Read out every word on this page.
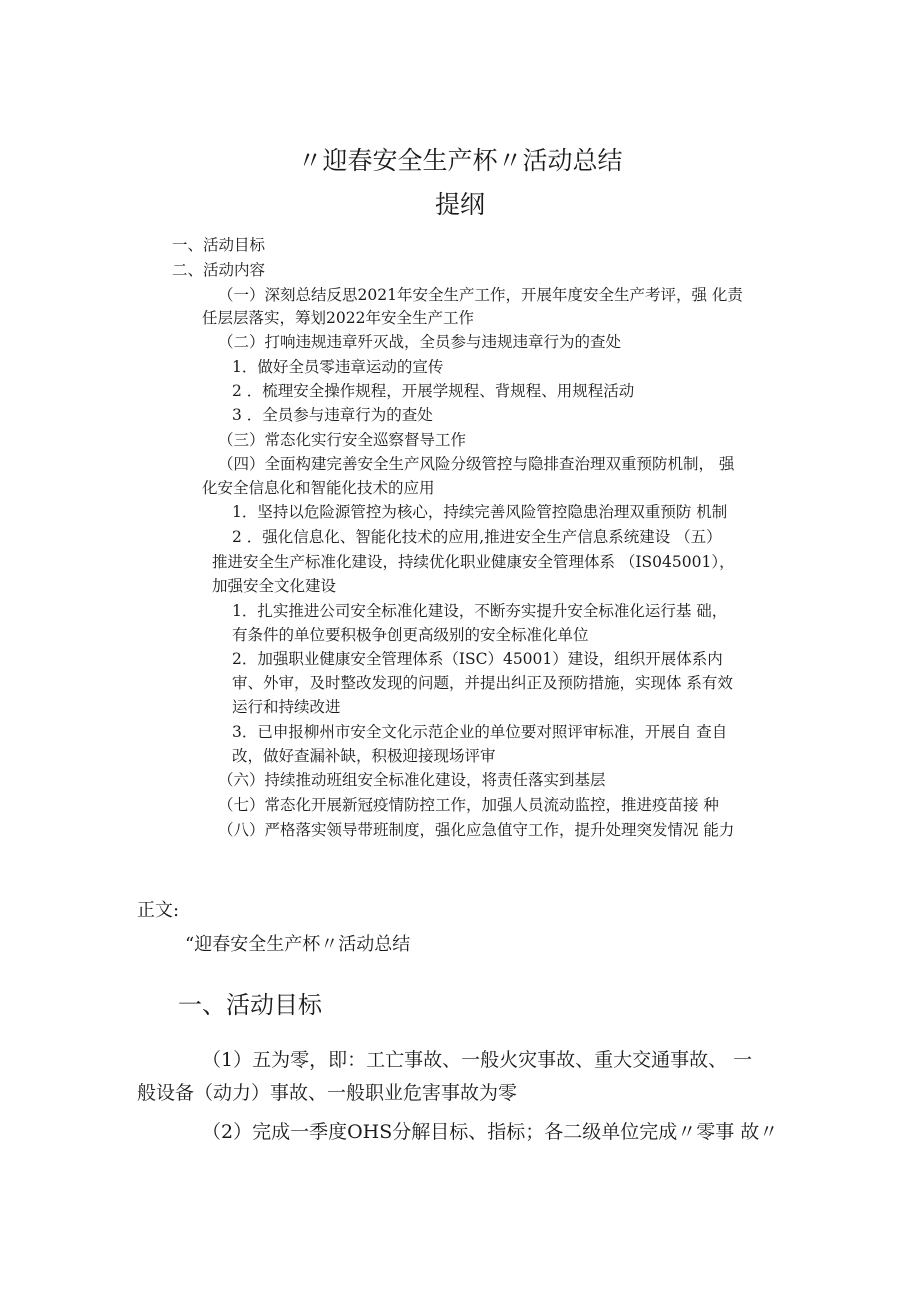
〃迎春安全生产杯〃活动总结
提纲
一、活动目标
二、活动内容
（一）深刻总结反思2021年安全生产工作，开展年度安全生产考评，强 化责
任层层落实，筹划2022年安全生产工作
（二）打响违规违章歼灭战，全员参与违规违章行为的查处
1．做好全员零违章运动的宣传
2 ．梳理安全操作规程，开展学规程、背规程、用规程活动
3 ．全员参与违章行为的查处
（三）常态化实行安全巡察督导工作
（四）全面构建完善安全生产风险分级管控与隐排查治理双重预防机制， 强
化安全信息化和智能化技术的应用
1．坚持以危险源管控为核心，持续完善风险管控隐患治理双重预防 机制
2 ．强化信息化、智能化技术的应用,推进安全生产信息系统建设 （五）
推进安全生产标准化建设，持续优化职业健康安全管理体系 （IS045001），
加强安全文化建设
1．扎实推进公司安全标准化建设，不断夯实提升安全标准化运行基 础，
有条件的单位要积极争创更高级别的安全标准化单位
2．加强职业健康安全管理体系（ISC）45001）建设，组织开展体系内
审、外审，及时整改发现的问题，并提出纠正及预防措施，实现体 系有效
运行和持续改进
3．已申报柳州市安全文化示范企业的单位要对照评审标准，开展自 查自
改，做好查漏补缺，积极迎接现场评审
（六）持续推动班组安全标准化建设，将责任落实到基层
（七）常态化开展新冠疫情防控工作，加强人员流动监控，推进疫苗接 种
（八）严格落实领导带班制度，强化应急值守工作，提升处理突发情况 能力
正文:
“迎春安全生产杯〃活动总结
一、活动目标
（1）五为零，即：工亡事故、一般火灾事故、重大交通事故、 一
般设备（动力）事故、一般职业危害事故为零
（2）完成一季度OHS分解目标、指标；各二级单位完成〃零事 故〃
